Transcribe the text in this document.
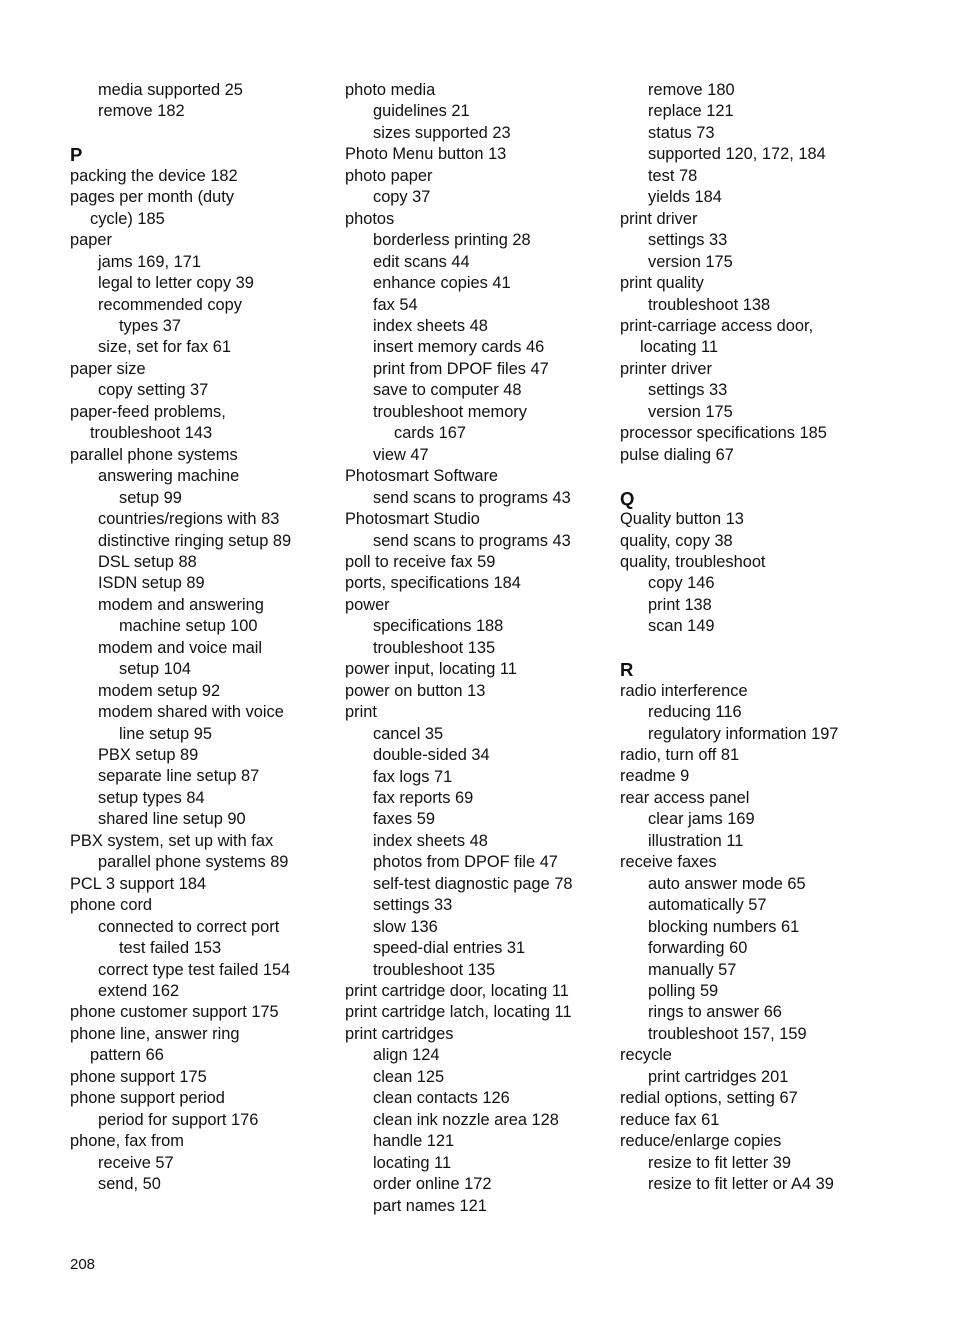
media supported 25
remove 182
P
packing the device 182
pages per month (duty
cycle) 185
paper
jams 169, 171
legal to letter copy 39
recommended copy
types 37
size, set for fax 61
paper size
copy setting 37
paper-feed problems,
troubleshoot 143
parallel phone systems
answering machine
setup 99
countries/regions with 83
distinctive ringing setup 89
DSL setup 88
ISDN setup 89
modem and answering
machine setup 100
modem and voice mail
setup 104
modem setup 92
modem shared with voice
line setup 95
PBX setup 89
separate line setup 87
setup types 84
shared line setup 90
PBX system, set up with fax
parallel phone systems 89
PCL 3 support 184
phone cord
connected to correct port
test failed 153
correct type test failed 154
extend 162
phone customer support 175
phone line, answer ring
pattern 66
phone support 175
phone support period
period for support 176
phone, fax from
receive 57
send, 50
photo media
guidelines 21
sizes supported 23
Photo Menu button 13
photo paper
copy 37
photos
borderless printing 28
edit scans 44
enhance copies 41
fax 54
index sheets 48
insert memory cards 46
print from DPOF files 47
save to computer 48
troubleshoot memory
cards 167
view 47
Photosmart Software
send scans to programs 43
Photosmart Studio
send scans to programs 43
poll to receive fax 59
ports, specifications 184
power
specifications 188
troubleshoot 135
power input, locating 11
power on button 13
print
cancel 35
double-sided 34
fax logs 71
fax reports 69
faxes 59
index sheets 48
photos from DPOF file 47
self-test diagnostic page 78
settings 33
slow 136
speed-dial entries 31
troubleshoot 135
print cartridge door, locating 11
print cartridge latch, locating 11
print cartridges
align 124
clean 125
clean contacts 126
clean ink nozzle area 128
handle 121
locating 11
order online 172
part names 121
remove 180
replace 121
status 73
supported 120, 172, 184
test 78
yields 184
print driver
settings 33
version 175
print quality
troubleshoot 138
print-carriage access door,
locating 11
printer driver
settings 33
version 175
processor specifications 185
pulse dialing 67
Q
Quality button 13
quality, copy 38
quality, troubleshoot
copy 146
print 138
scan 149
R
radio interference
reducing 116
regulatory information 197
radio, turn off 81
readme 9
rear access panel
clear jams 169
illustration 11
receive faxes
auto answer mode 65
automatically 57
blocking numbers 61
forwarding 60
manually 57
polling 59
rings to answer 66
troubleshoot 157, 159
recycle
print cartridges 201
redial options, setting 67
reduce fax 61
reduce/enlarge copies
resize to fit letter 39
resize to fit letter or A4 39
208
